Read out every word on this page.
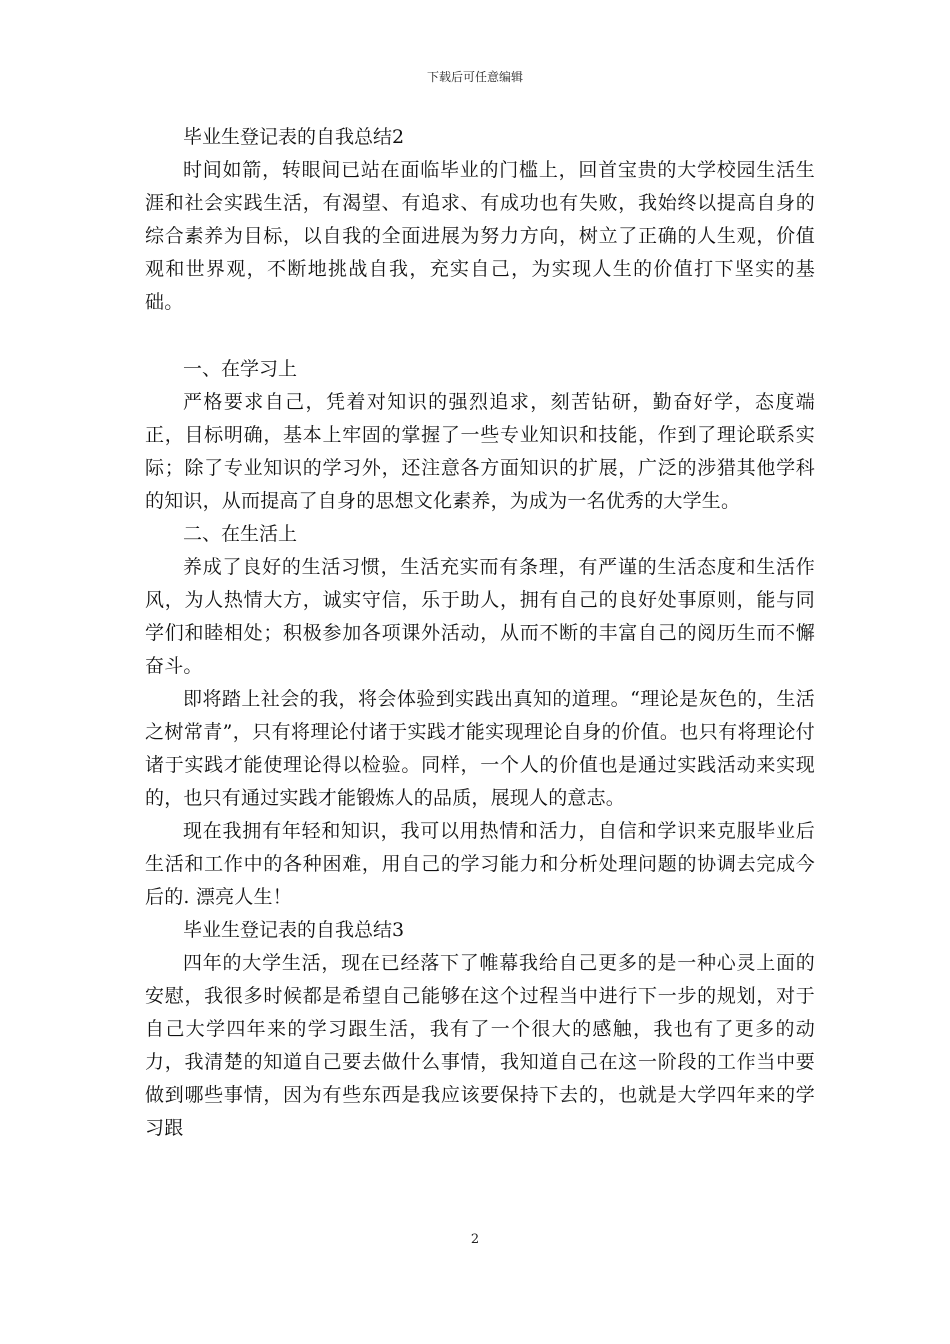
下载后可任意编辑

毕业生登记表的自我总结2

时间如箭，转眼间已站在面临毕业的门槛上，回首宝贵的大学校园生活生涯和社会实践生活，有渴望、有追求、有成功也有失败，我始终以提高自身的综合素养为目标，以自我的全面进展为努力方向，树立了正确的人生观，价值观和世界观，不断地挑战自我，充实自己，为实现人生的价值打下坚实的基础。

一、在学习上

严格要求自己，凭着对知识的强烈追求，刻苦钻研，勤奋好学，态度端正，目标明确，基本上牢固的掌握了一些专业知识和技能，作到了理论联系实际；除了专业知识的学习外，还注意各方面知识的扩展，广泛的涉猎其他学科的知识，从而提高了自身的思想文化素养，为成为一名优秀的大学生。

二、在生活上

养成了良好的生活习惯，生活充实而有条理，有严谨的生活态度和生活作风，为人热情大方，诚实守信，乐于助人，拥有自己的良好处事原则，能与同学们和睦相处；积极参加各项课外活动，从而不断的丰富自己的阅历生而不懈奋斗。

即将踏上社会的我，将会体验到实践出真知的道理。“理论是灰色的，生活之树常青”，只有将理论付诸于实践才能实现理论自身的价值。也只有将理论付诸于实践才能使理论得以检验。同样，一个人的价值也是通过实践活动来实现的，也只有通过实践才能锻炼人的品质，展现人的意志。

现在我拥有年轻和知识，我可以用热情和活力，自信和学识来克服毕业后生活和工作中的各种困难，用自己的学习能力和分析处理问题的协调去完成今后的. 漂亮人生！

毕业生登记表的自我总结3

四年的大学生活，现在已经落下了帷幕我给自己更多的是一种心灵上面的安慰，我很多时候都是希望自己能够在这个过程当中进行下一步的规划，对于自己大学四年来的学习跟生活，我有了一个很大的感触，我也有了更多的动力，我清楚的知道自己要去做什么事情，我知道自己在这一阶段的工作当中要做到哪些事情，因为有些东西是我应该要保持下去的，也就是大学四年来的学习跟

2
